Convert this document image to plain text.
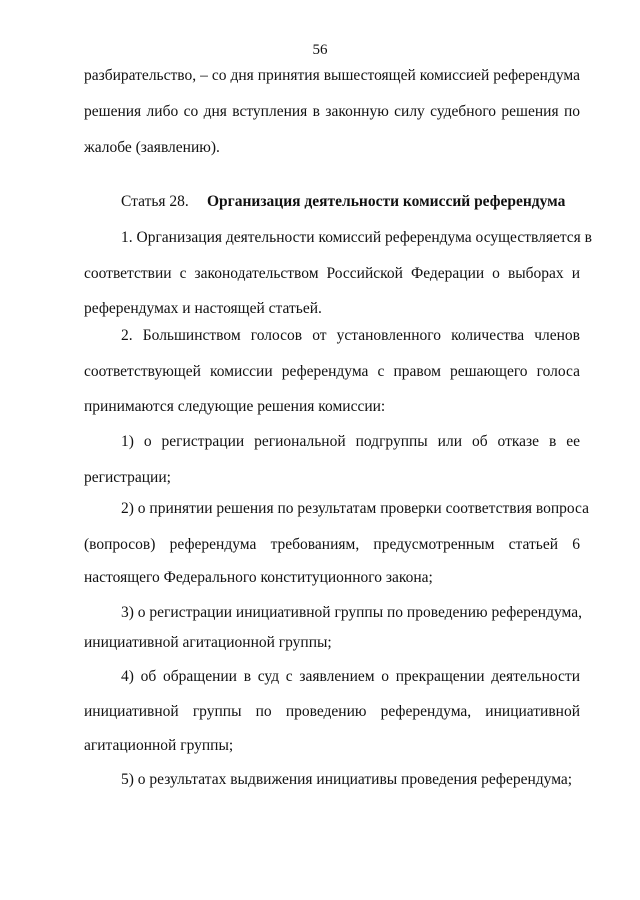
56
разбирательство, – со дня принятия вышестоящей комиссией референдума
решения либо со дня вступления в законную силу судебного решения по
жалобе (заявлению).
Статья 28. Организация деятельности комиссий референдума
1. Организация деятельности комиссий референдума осуществляется в
соответствии с законодательством Российской Федерации о выборах и
референдумах и настоящей статьей.
2. Большинством голосов от установленного количества членов
соответствующей комиссии референдума с правом решающего голоса
принимаются следующие решения комиссии:
1) о регистрации региональной подгруппы или об отказе в ее
регистрации;
2) о принятии решения по результатам проверки соответствия вопроса
(вопросов) референдума требованиям, предусмотренным статьей 6
настоящего Федерального конституционного закона;
3) о регистрации инициативной группы по проведению референдума,
инициативной агитационной группы;
4) об обращении в суд с заявлением о прекращении деятельности
инициативной группы по проведению референдума, инициативной
агитационной группы;
5) о результатах выдвижения инициативы проведения референдума;
